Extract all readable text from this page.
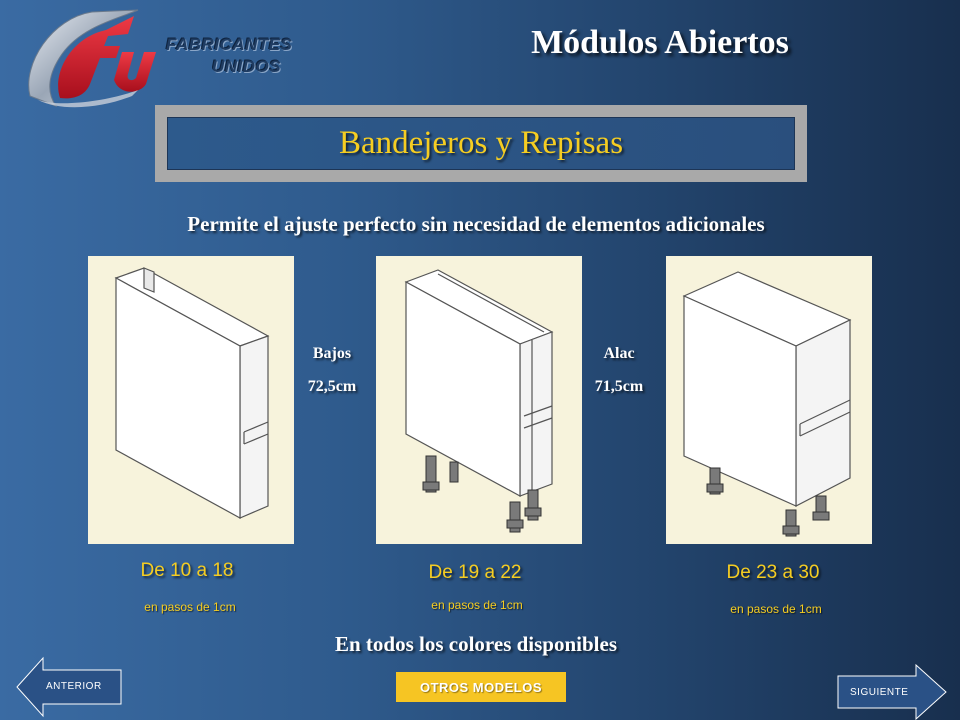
FABRICANTES
UNIDOS
Módulos Abiertos
Bandejeros y Repisas
Permite el ajuste perfecto sin necesidad de elementos adicionales
Bajos
72,5cm
Alac
71,5cm
De 10 a 18
en pasos de 1cm
De 19 a 22
en pasos de 1cm
De 23 a 30
en pasos de 1cm
En todos los colores disponibles
ANTERIOR	OTROS MODELOS	SIGUIENTE
